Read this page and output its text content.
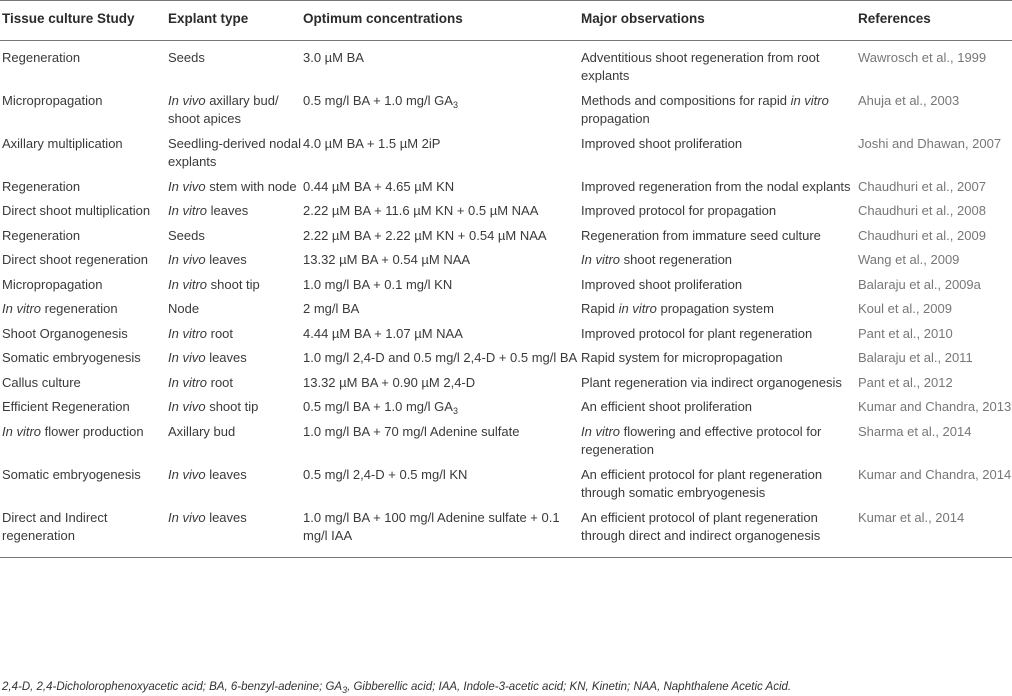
Tissue culture Study	Explant type	Optimum concentrations	Major observations	References
Regeneration	Seeds	3.0 µM BA	Adventitious shoot regeneration from root explants	Wawrosch et al., 1999
Micropropagation	In vivo axillary bud/ shoot apices	0.5 mg/l BA + 1.0 mg/l $GA_3$	Methods and compositions for rapid in vitro propagation	Ahuja et al., 2003
Axillary multiplication	Seedling-derived nodal explants	4.0 µM BA + 1.5 µM 2iP	Improved shoot proliferation	Joshi and Dhawan, 2007
Regeneration	In vivo stem with node	0.44 µM BA + 4.65 µM KN	Improved regeneration from the nodal explants	Chaudhuri et al., 2007
Direct shoot multiplication	In vitro leaves	2.22 µM BA + 11.6 µM KN + 0.5 µM NAA	Improved protocol for propagation	Chaudhuri et al., 2008
Regeneration	Seeds	2.22 µM BA + 2.22 µM KN + 0.54 µM NAA	Regeneration from immature seed culture	Chaudhuri et al., 2009
Direct shoot regeneration	In vivo leaves	13.32 µM BA + 0.54 µM NAA	In vitro shoot regeneration	Wang et al., 2009
Micropropagation	In vitro shoot tip	1.0 mg/l BA + 0.1 mg/l KN	Improved shoot proliferation	Balaraju et al., 2009a
In vitro regeneration	Node	2 mg/l BA	Rapid in vitro propagation system	Koul et al., 2009
Shoot Organogenesis	In vitro root	4.44 µM BA + 1.07 µM NAA	Improved protocol for plant regeneration	Pant et al., 2010
Somatic embryogenesis	In vivo leaves	1.0 mg/l 2,4-D and 0.5 mg/l 2,4-D + 0.5 mg/l BA	Rapid system for micropropagation	Balaraju et al., 2011
Callus culture	In vitro root	13.32 µM BA + 0.90 µM 2,4-D	Plant regeneration via indirect organogenesis	Pant et al., 2012
Efficient Regeneration	In vivo shoot tip	0.5 mg/l BA + 1.0 mg/l $GA_3$	An efficient shoot proliferation	Kumar and Chandra, 2013
In vitro flower production	Axillary bud	1.0 mg/l BA + 70 mg/l Adenine sulfate	In vitro flowering and effective protocol for regeneration	Sharma et al., 2014
Somatic embryogenesis	In vivo leaves	0.5 mg/l 2,4-D + 0.5 mg/l KN	An efficient protocol for plant regeneration through somatic embryogenesis	Kumar and Chandra, 2014
Direct and Indirect regeneration	In vivo leaves	1.0 mg/l BA + 100 mg/l Adenine sulfate + 0.1 mg/l IAA	An efficient protocol of plant regeneration through direct and indirect organogenesis	Kumar et al., 2014
2,4-D, 2,4-Dicholorophenoxyacetic acid; BA, 6-benzyl-adenine; $GA_3$, Gibberellic acid; IAA, Indole-3-acetic acid; KN, Kinetin; NAA, Naphthalene Acetic Acid.
